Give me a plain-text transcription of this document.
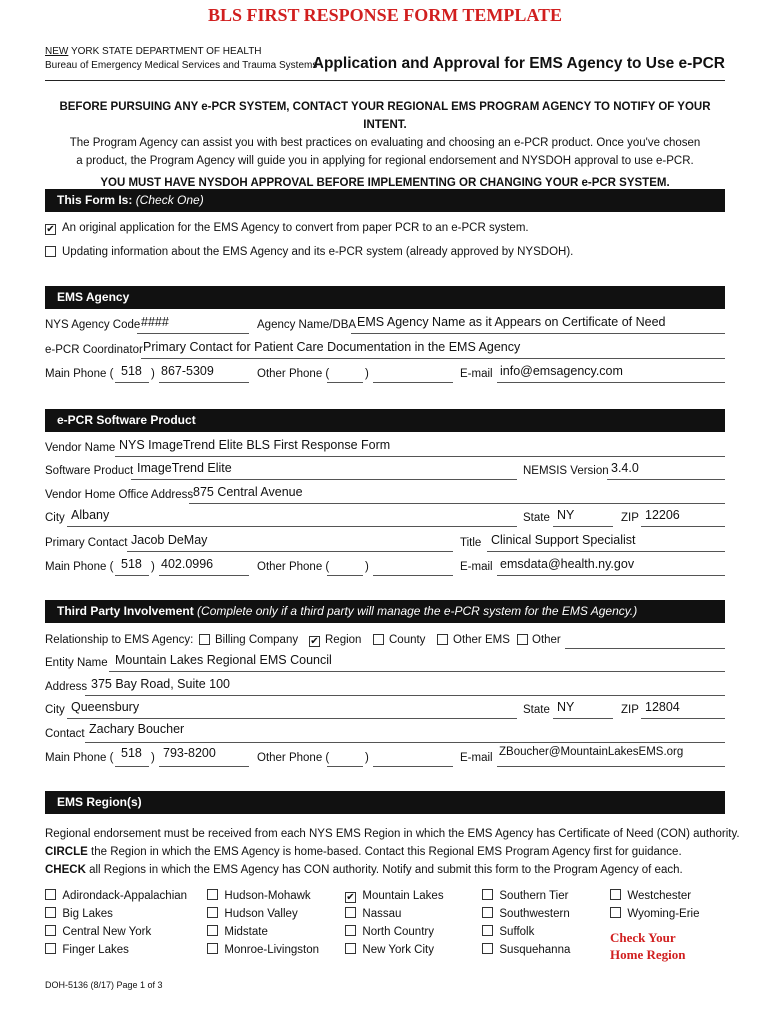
BLS FIRST RESPONSE FORM TEMPLATE
NEW YORK STATE DEPARTMENT OF HEALTH
Bureau of Emergency Medical Services and Trauma Systems
Application and Approval for EMS Agency to Use e-PCR
BEFORE PURSUING ANY e-PCR SYSTEM, CONTACT YOUR REGIONAL EMS PROGRAM AGENCY TO NOTIFY OF YOUR INTENT.
The Program Agency can assist you with best practices on evaluating and choosing an e-PCR product. Once you've chosen
a product, the Program Agency will guide you in applying for regional endorsement and NYSDOH approval to use e-PCR.
YOU MUST HAVE NYSDOH APPROVAL BEFORE IMPLEMENTING OR CHANGING YOUR e-PCR SYSTEM.
This Form Is: (Check One)
✔ An original application for the EMS Agency to convert from paper PCR to an e-PCR system.
Updating information about the EMS Agency and its e-PCR system (already approved by NYSDOH).
EMS Agency
NYS Agency Code ####	Agency Name/DBA EMS Agency Name as it Appears on Certificate of Need
e-PCR Coordinator Primary Contact for Patient Care Documentation in the EMS Agency
Main Phone ( 518 ) 867-5309	Other Phone (	)	E-mail info@emsagency.com
e-PCR Software Product
Vendor Name NYS ImageTrend Elite BLS First Response Form
Software Product ImageTrend Elite	NEMSIS Version 3.4.0
Vendor Home Office Address 875 Central Avenue
City Albany	State NY	ZIP 12206
Primary Contact Jacob DeMay	Title Clinical Support Specialist
Main Phone ( 518 ) 402.0996	Other Phone (	)	E-mail emsdata@health.ny.gov
Third Party Involvement (Complete only if a third party will manage the e-PCR system for the EMS Agency.)
Relationship to EMS Agency: Billing Company ✔ Region County Other EMS Other
Entity Name Mountain Lakes Regional EMS Council
Address 375 Bay Road, Suite 100
City Queensbury	State NY	ZIP 12804
Contact Zachary Boucher
Main Phone ( 518 ) 793-8200	Other Phone (	)	E-mail ZBoucher@MountainLakesEMS.org
EMS Region(s)
Regional endorsement must be received from each NYS EMS Region in which the EMS Agency has Certificate of Need (CON) authority.
CIRCLE the Region in which the EMS Agency is home-based. Contact this Regional EMS Program Agency first for guidance.
CHECK all Regions in which the EMS Agency has CON authority. Notify and submit this form to the Program Agency of each.
Adirondack-Appalachian
Big Lakes
Central New York
Finger Lakes
Hudson-Mohawk
Hudson Valley
Midstate
Monroe-Livingston
✔ Mountain Lakes
Nassau
North Country
New York City
Southern Tier
Southwestern
Suffolk
Susquehanna
Westchester
Wyoming-Erie
Check Your
Home Region
DOH-5136 (8/17) Page 1 of 3
